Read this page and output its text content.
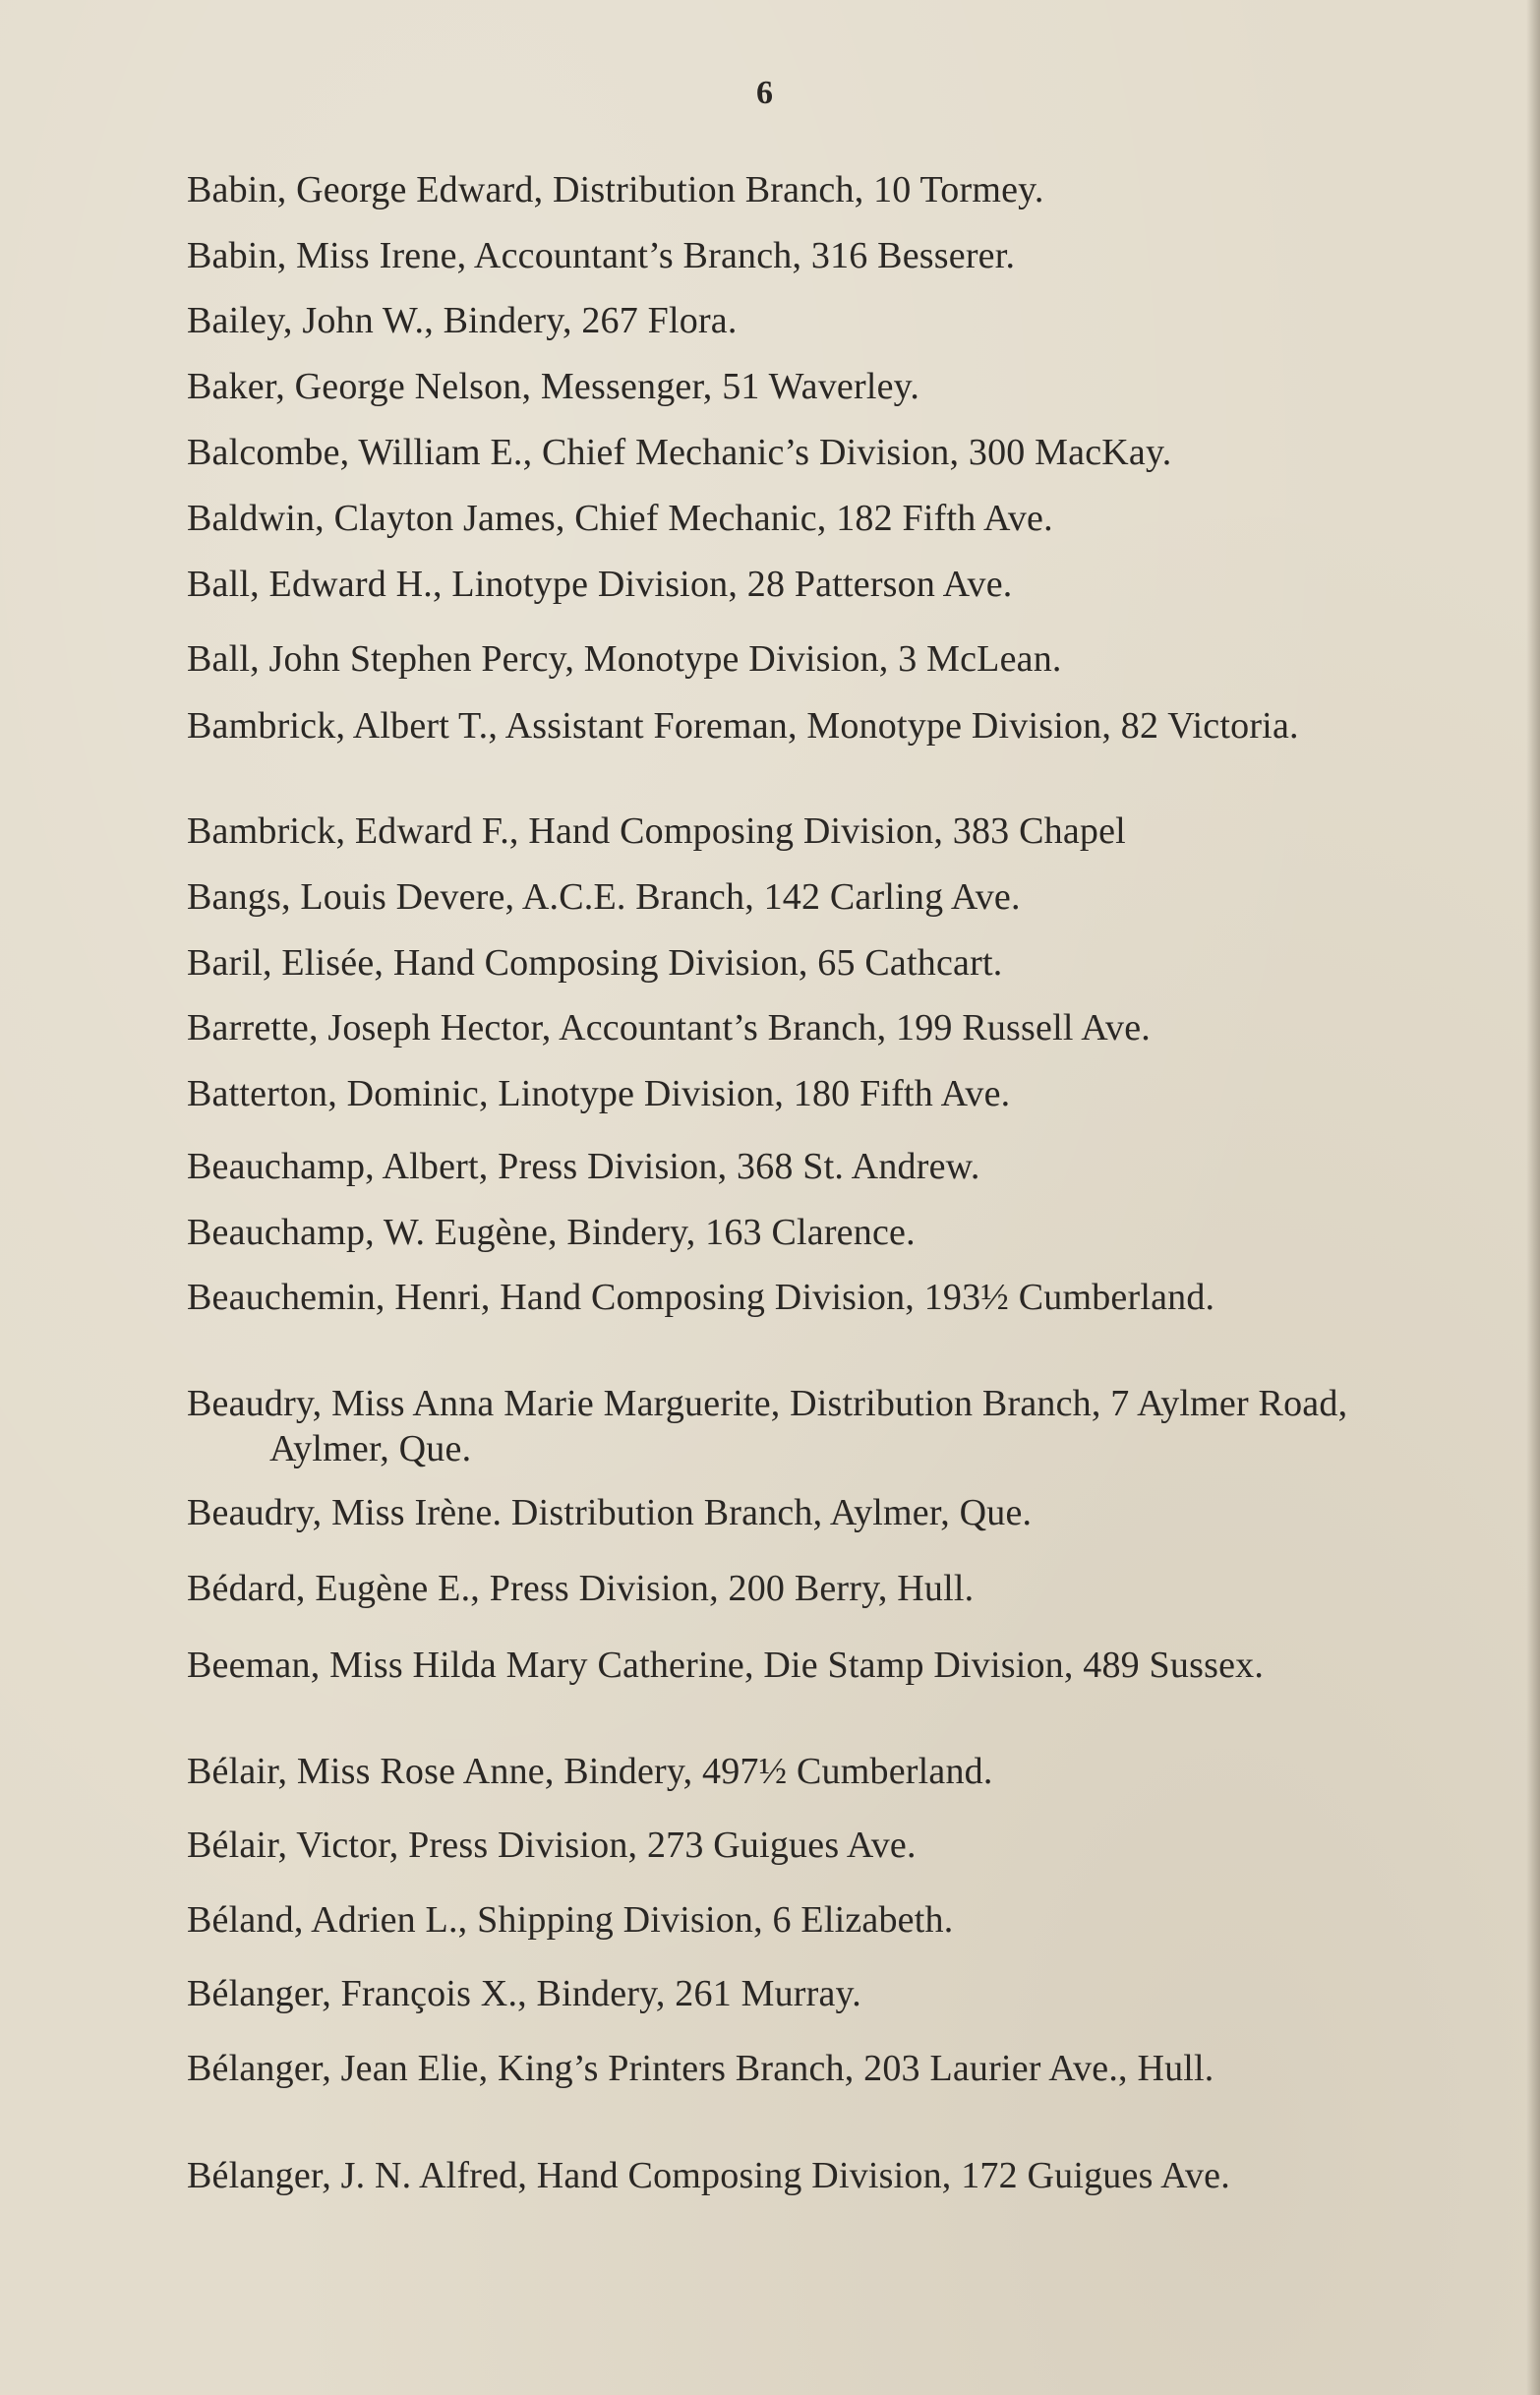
6
Babin, George Edward, Distribution Branch, 10 Tormey.
Babin, Miss Irene, Accountant’s Branch, 316 Besserer.
Bailey, John W., Bindery, 267 Flora.
Baker, George Nelson, Messenger, 51 Waverley.
Balcombe, William E., Chief Mechanic’s Division, 300 MacKay.
Baldwin, Clayton James, Chief Mechanic, 182 Fifth Ave.
Ball, Edward H., Linotype Division, 28 Patterson Ave.
Ball, John Stephen Percy, Monotype Division, 3 McLean.
Bambrick, Albert T., Assistant Foreman, Monotype Division, 82 Victoria.
Bambrick, Edward F., Hand Composing Division, 383 Chapel
Bangs, Louis Devere, A.C.E. Branch, 142 Carling Ave.
Baril, Elisée, Hand Composing Division, 65 Cathcart.
Barrette, Joseph Hector, Accountant’s Branch, 199 Russell Ave.
Batterton, Dominic, Linotype Division, 180 Fifth Ave.
Beauchamp, Albert, Press Division, 368 St. Andrew.
Beauchamp, W. Eugène, Bindery, 163 Clarence.
Beauchemin, Henri, Hand Composing Division, 193½ Cumberland.
Beaudry, Miss Anna Marie Marguerite, Distribution Branch, 7 Aylmer Road, Aylmer, Que.
Beaudry, Miss Irène. Distribution Branch, Aylmer, Que.
Bédard, Eugène E., Press Division, 200 Berry, Hull.
Beeman, Miss Hilda Mary Catherine, Die Stamp Division, 489 Sussex.
Bélair, Miss Rose Anne, Bindery, 497½ Cumberland.
Bélair, Victor, Press Division, 273 Guigues Ave.
Béland, Adrien L., Shipping Division, 6 Elizabeth.
Bélanger, François X., Bindery, 261 Murray.
Bélanger, Jean Elie, King’s Printers Branch, 203 Laurier Ave., Hull.
Bélanger, J. N. Alfred, Hand Composing Division, 172 Guigues Ave.
